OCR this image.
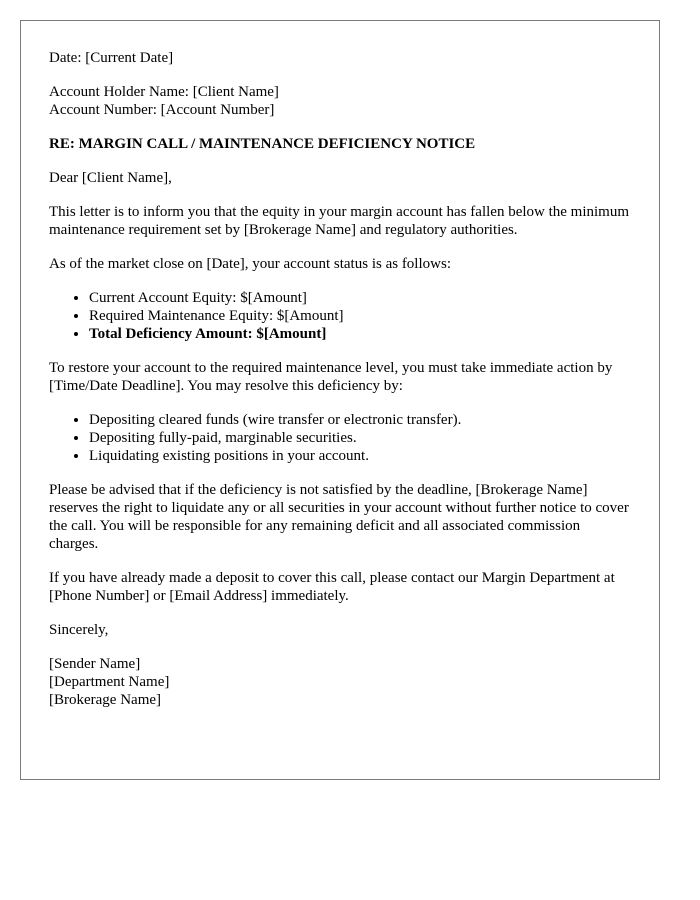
Date: [Current Date]

Account Holder Name: [Client Name]
Account Number: [Account Number]

RE: MARGIN CALL / MAINTENANCE DEFICIENCY NOTICE

Dear [Client Name],

This letter is to inform you that the equity in your margin account has fallen below the minimum maintenance requirement set by [Brokerage Name] and regulatory authorities.

As of the market close on [Date], your account status is as follows:

• Current Account Equity: $[Amount]
• Required Maintenance Equity: $[Amount]
• Total Deficiency Amount: $[Amount]

To restore your account to the required maintenance level, you must take immediate action by [Time/Date Deadline]. You may resolve this deficiency by:

• Depositing cleared funds (wire transfer or electronic transfer).
• Depositing fully-paid, marginable securities.
• Liquidating existing positions in your account.

Please be advised that if the deficiency is not satisfied by the deadline, [Brokerage Name] reserves the right to liquidate any or all securities in your account without further notice to cover the call. You will be responsible for any remaining deficit and all associated commission charges.

If you have already made a deposit to cover this call, please contact our Margin Department at [Phone Number] or [Email Address] immediately.

Sincerely,

[Sender Name]
[Department Name]
[Brokerage Name]
